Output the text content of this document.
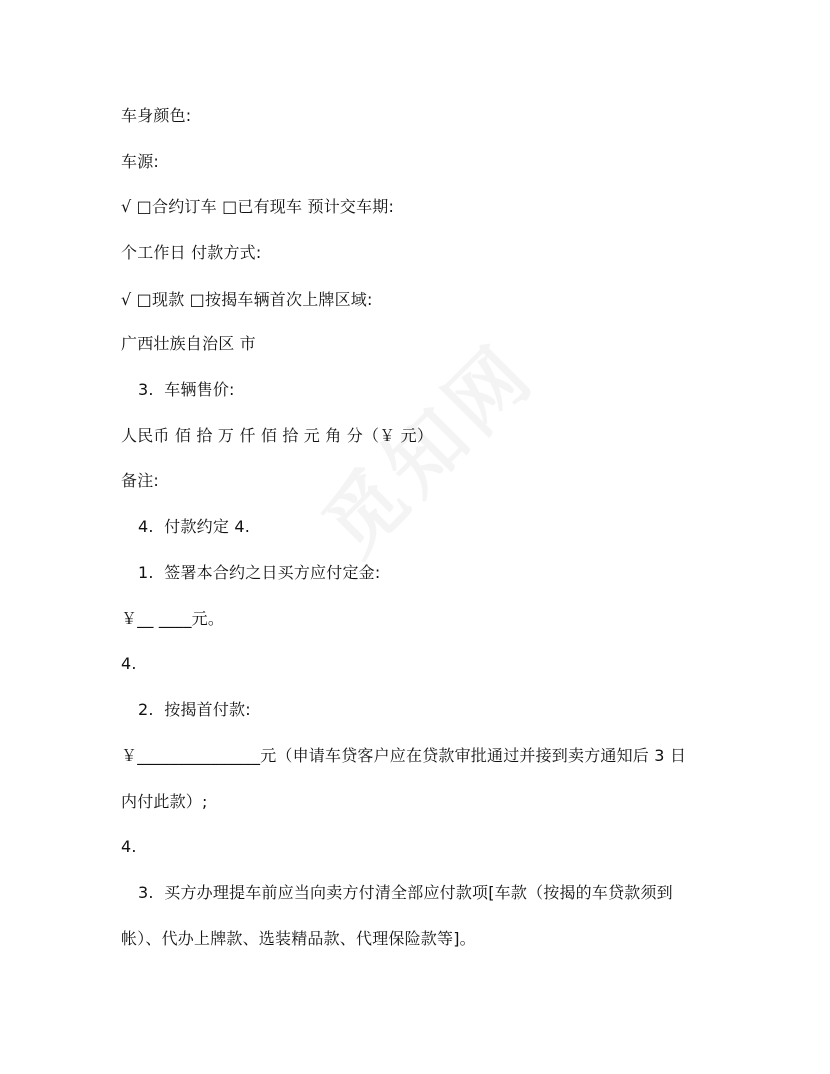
车身颜色:
车源:
√ □合约订车 □已有现车 预计交车期:
个工作日 付款方式:
√ □现款 □按揭车辆首次上牌区域:
广西壮族自治区 市
3.  车辆售价:
人民币 佰 拾 万 仟 佰 拾 元 角 分（￥ 元）
备注:
4.  付款约定 4.
1.  签署本合约之日买方应付定金:
￥__ ____元。
4.
2.  按揭首付款:
￥_______________元（申请车贷客户应在贷款审批通过并接到卖方通知后 3 日
内付此款）;
4.
3.  买方办理提车前应当向卖方付清全部应付款项[车款（按揭的车贷款须到
帐）、代办上牌款、选装精品款、代理保险款等]。
